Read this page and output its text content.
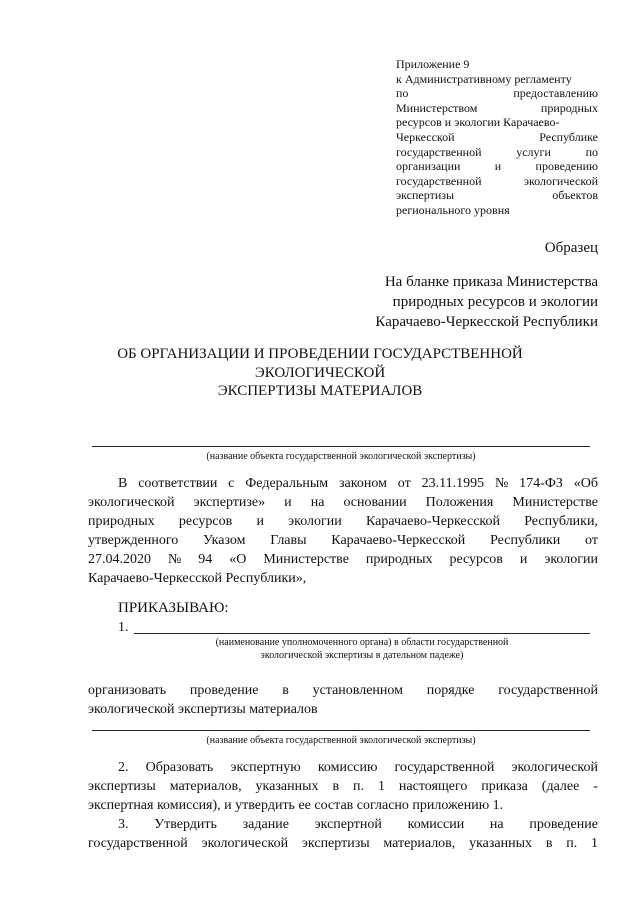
Приложение 9
к Административному регламенту
по	предоставлению
Министерством	природных
ресурсов и экологии Карачаево-
Черкесской	Республике
государственной	услуги	по
организации	и	проведению
государственной	экологической
экспертизы	объектов
регионального уровня
Образец
На бланке приказа Министерства
природных ресурсов и экологии
Карачаево-Черкесской Республики
ОБ ОРГАНИЗАЦИИ И ПРОВЕДЕНИИ ГОСУДАРСТВЕННОЙ
ЭКОЛОГИЧЕСКОЙ
ЭКСПЕРТИЗЫ МАТЕРИАЛОВ
(название объекта государственной экологической экспертизы)
В соответствии с Федеральным законом от 23.11.1995 № 174-ФЗ «Об
экологической экспертизе» и на основании Положения Министерстве
природных ресурсов и экологии Карачаево-Черкесской Республики,
утвержденного Указом Главы Карачаево-Черкесской Республики от
27.04.2020 № 94 «О Министерстве природных ресурсов и экологии
Карачаево-Черкесской Республики»,
ПРИКАЗЫВАЮ:
1.
(наименование уполномоченного органа) в области государственной
экологической экспертизы в дательном падеже)
организовать проведение в установленном порядке государственной
экологической экспертизы материалов
(название объекта государственной экологической экспертизы)
2. Образовать экспертную комиссию государственной экологической
экспертизы материалов, указанных в п. 1 настоящего приказа (далее -
экспертная комиссия), и утвердить ее состав согласно приложению 1.
3. Утвердить задание экспертной комиссии на проведение
государственной экологической экспертизы материалов, указанных в п. 1
